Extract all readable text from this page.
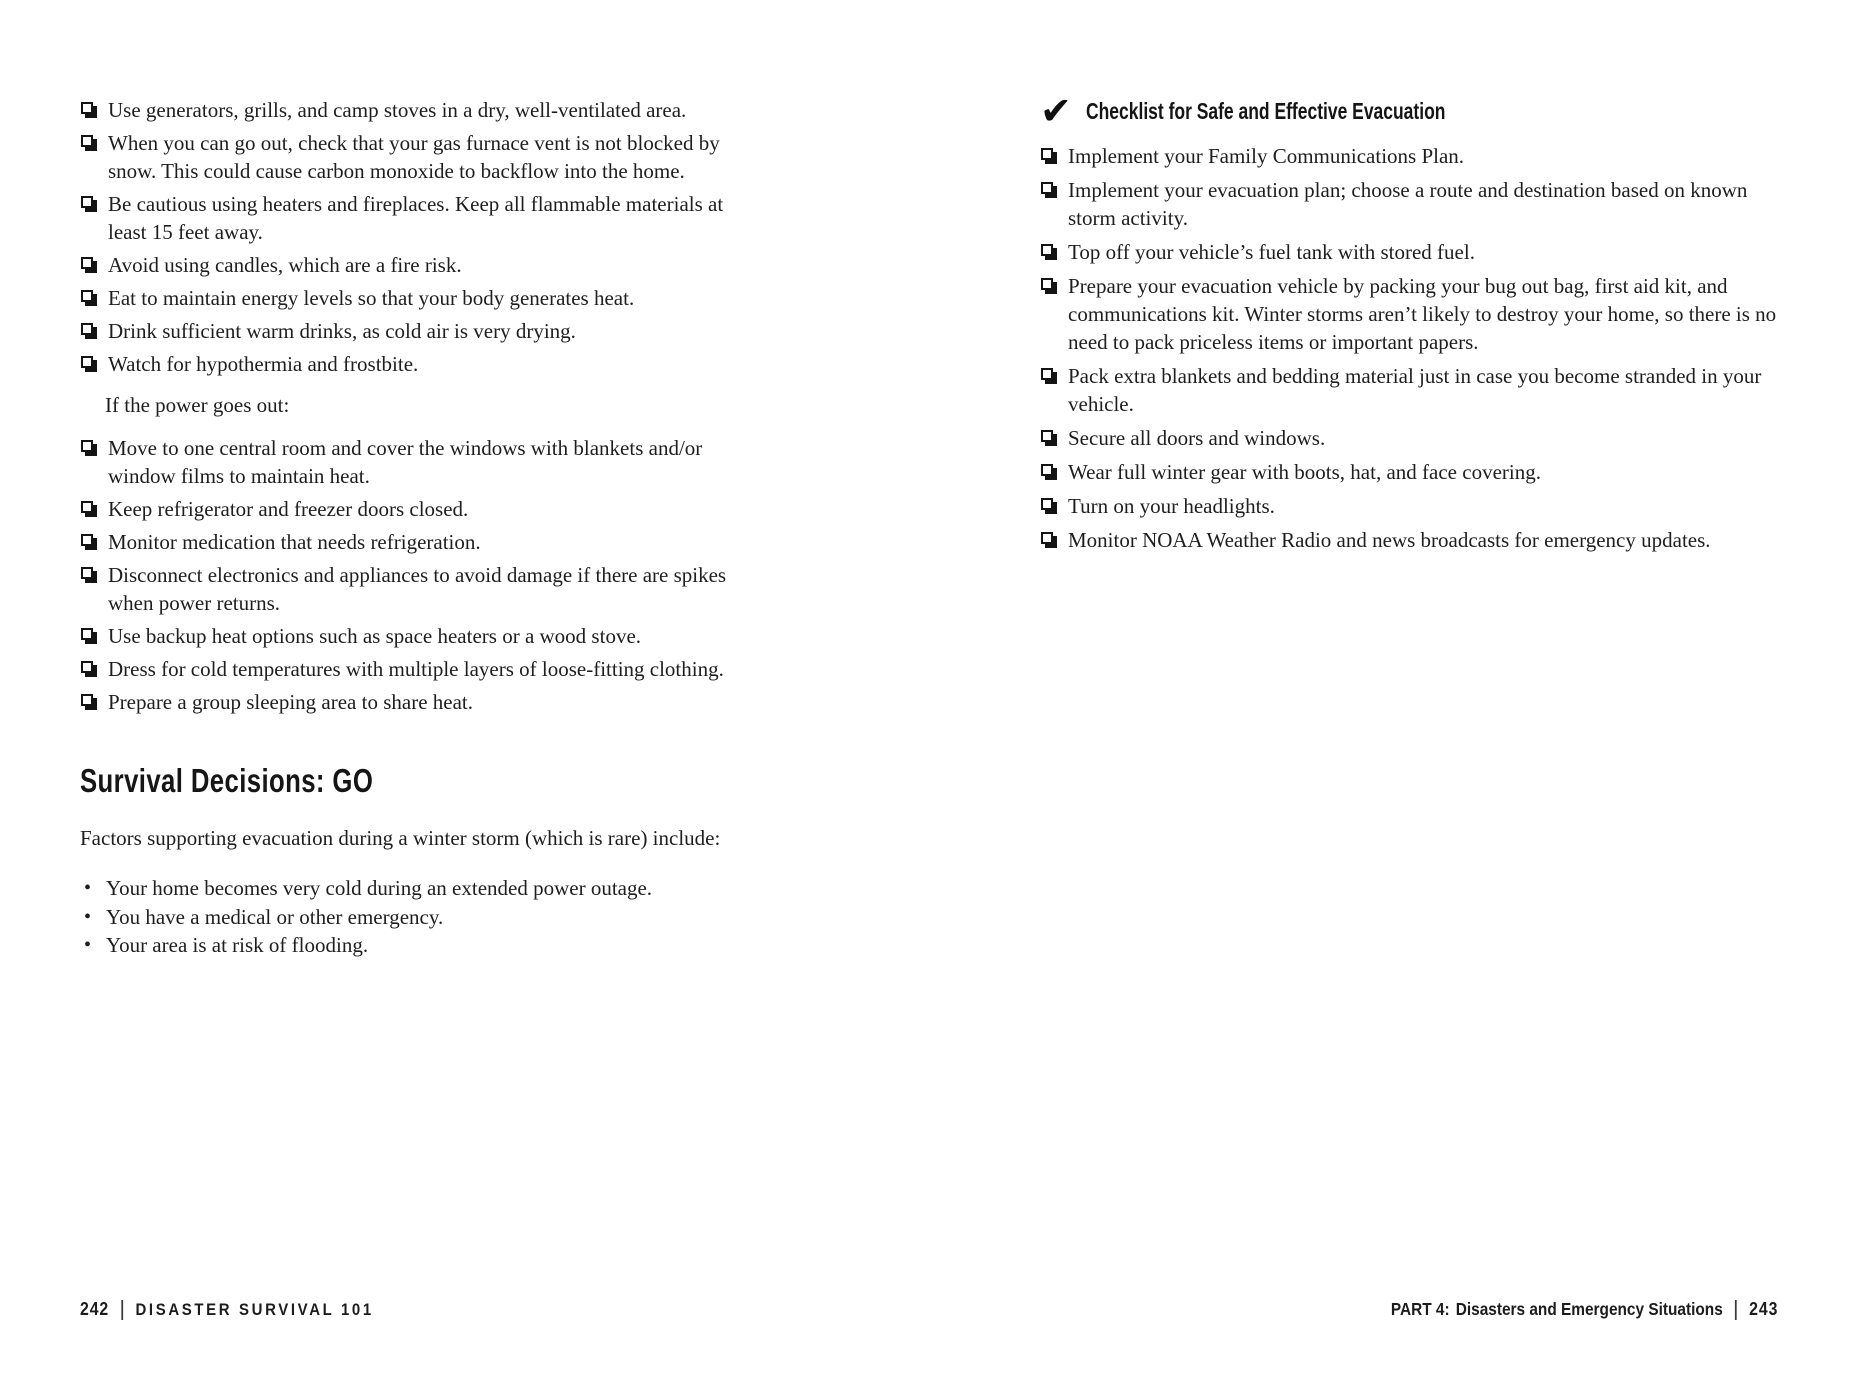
Use generators, grills, and camp stoves in a dry, well-ventilated area.
When you can go out, check that your gas furnace vent is not blocked by snow. This could cause carbon monoxide to backflow into the home.
Be cautious using heaters and fireplaces. Keep all flammable materials at least 15 feet away.
Avoid using candles, which are a fire risk.
Eat to maintain energy levels so that your body generates heat.
Drink sufficient warm drinks, as cold air is very drying.
Watch for hypothermia and frostbite.

If the power goes out:

Move to one central room and cover the windows with blankets and/or window films to maintain heat.
Keep refrigerator and freezer doors closed.
Monitor medication that needs refrigeration.
Disconnect electronics and appliances to avoid damage if there are spikes when power returns.
Use backup heat options such as space heaters or a wood stove.
Dress for cold temperatures with multiple layers of loose-fitting clothing.
Prepare a group sleeping area to share heat.
Survival Decisions: GO

Factors supporting evacuation during a winter storm (which is rare) include:

• Your home becomes very cold during an extended power outage.
• You have a medical or other emergency.
• Your area is at risk of flooding.
✔ Checklist for Safe and Effective Evacuation
Implement your Family Communications Plan.
Implement your evacuation plan; choose a route and destination based on known storm activity.
Top off your vehicle’s fuel tank with stored fuel.
Prepare your evacuation vehicle by packing your bug out bag, first aid kit, and communications kit. Winter storms aren’t likely to destroy your home, so there is no need to pack priceless items or important papers.
Pack extra blankets and bedding material just in case you become stranded in your vehicle.
Secure all doors and windows.
Wear full winter gear with boots, hat, and face covering.
Turn on your headlights.
Monitor NOAA Weather Radio and news broadcasts for emergency updates.
242 DISASTER SURVIVAL 101	PART 4: Disasters and Emergency Situations 243
